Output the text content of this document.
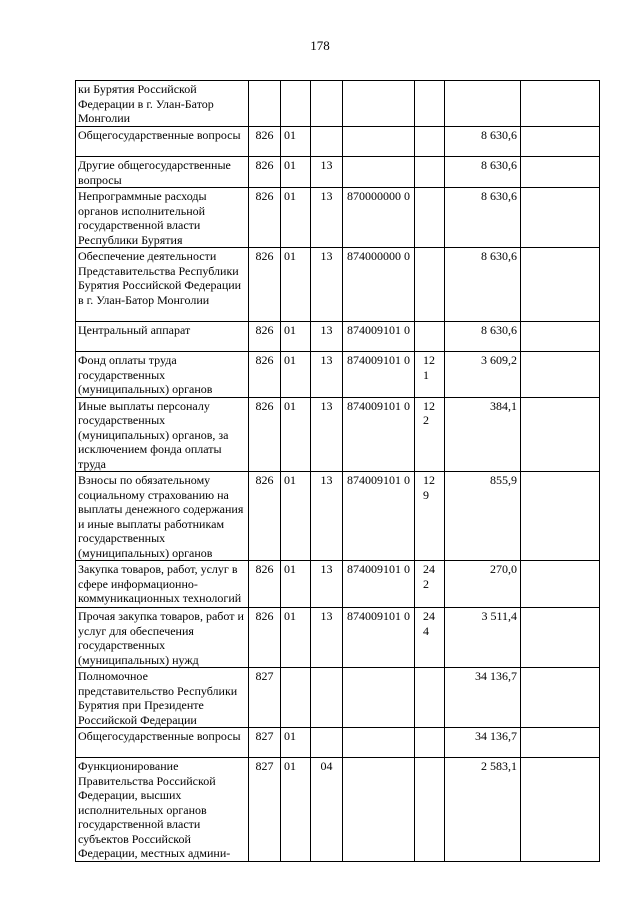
178
ки Бурятия Российской Федерации в г. Улан-Батор Монголии							
Общегосударственные вопросы	826	01				8 630,6	
Другие общегосударственные вопросы	826	01	13			8 630,6	
Непрограммные расходы органов исполнительной государственной власти Республики Бурятия	826	01	13	870000000 0		8 630,6	
Обеспечение деятельности Представительства Республики Бурятия Российской Федерации в г. Улан-Батор Монголии	826	01	13	874000000 0		8 630,6	
Центральный аппарат	826	01	13	874009101 0		8 630,6	
Фонд оплаты труда государственных (муниципальных) органов	826	01	13	874009101 0	12 1	3 609,2	
Иные выплаты персоналу государственных (муниципальных) органов, за исключением фонда оплаты труда	826	01	13	874009101 0	12 2	384,1	
Взносы по обязательному социальному страхованию на выплаты денежного содержания и иные выплаты работникам государственных (муниципальных) органов	826	01	13	874009101 0	12 9	855,9	
Закупка товаров, работ, услуг в сфере информационно-коммуникационных технологий	826	01	13	874009101 0	24 2	270,0	
Прочая закупка товаров, работ и услуг для обеспечения государственных (муниципальных) нужд	826	01	13	874009101 0	24 4	3 511,4	
Полномочное представительство Республики Бурятия при Президенте Российской Федерации	827					34 136,7	
Общегосударственные вопросы	827	01				34 136,7	
Функционирование Правительства Российской Федерации, высших исполнительных органов государственной власти субъектов Российской Федерации, местных админи-	827	01	04			2 583,1	
